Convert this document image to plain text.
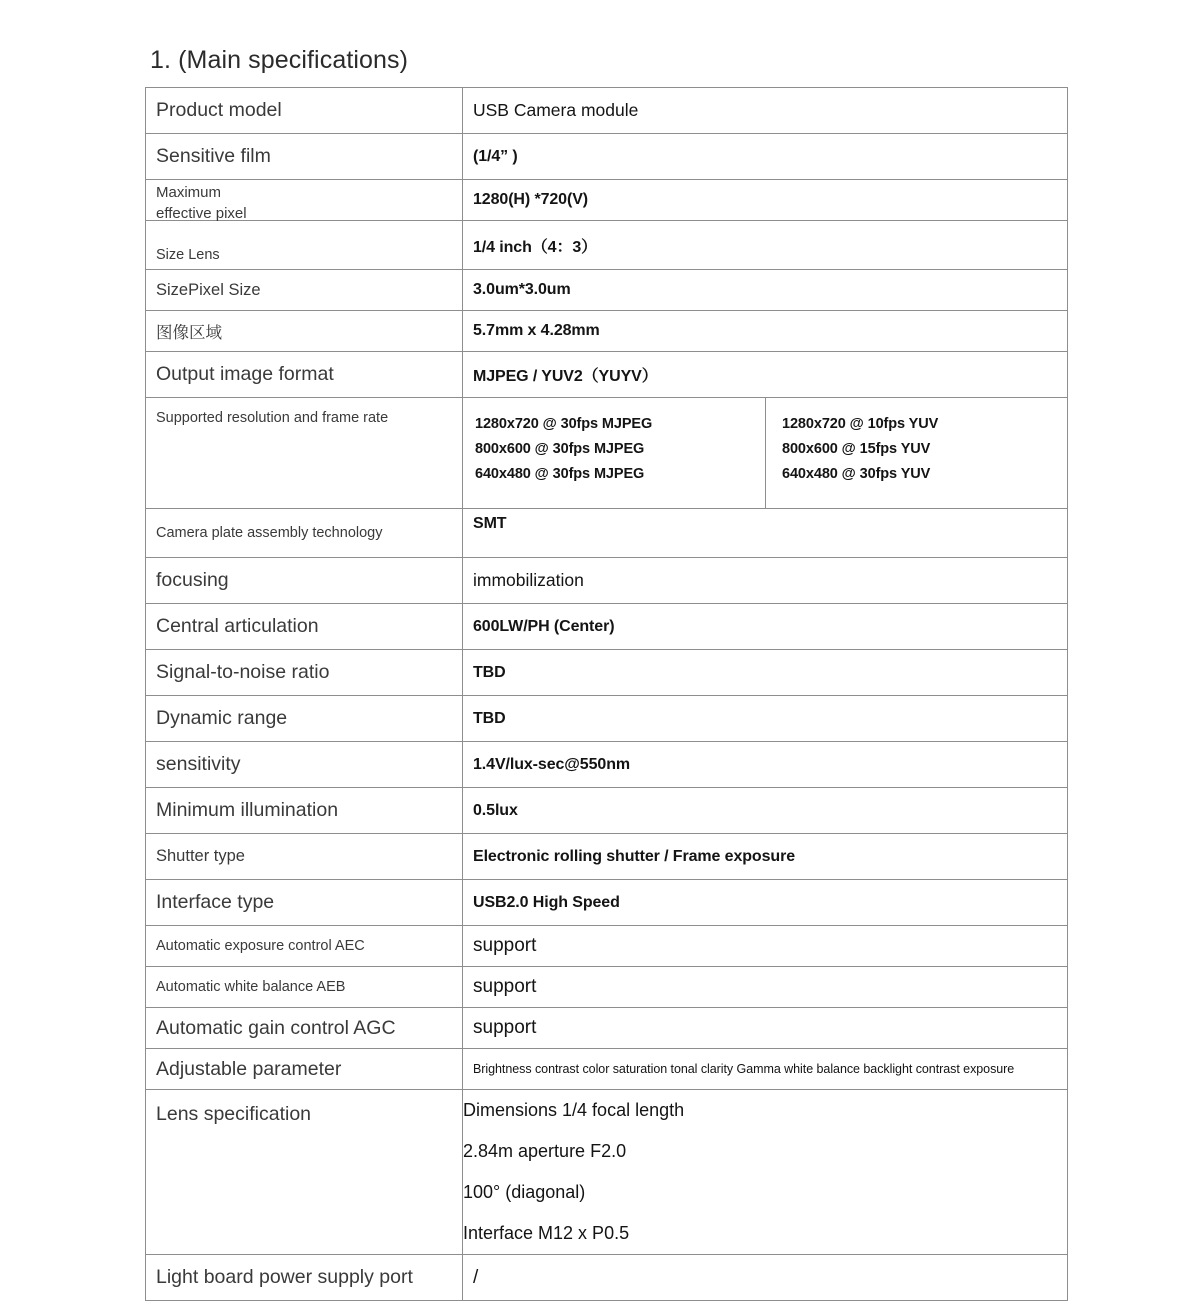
1. (Main specifications)
Product model	USB Camera module

Sensitive film	(1/4” )

Maximum
effective pixel	1280(H) *720(V)

Size Lens	1/4 inch（4：3）

SizePixel Size	3.0um*3.0um

图像区域	5.7mm x 4.28mm

Output image format	MJPEG / YUV2（YUYV）

Supported resolution and frame rate	1280x720 @ 30fps MJPEG
800x600 @ 30fps MJPEG
640x480 @ 30fps MJPEG
1280x720 @ 10fps YUV
800x600 @ 15fps YUV
640x480 @ 30fps YUV

Camera plate assembly technology	SMT

focusing	immobilization

Central articulation	600LW/PH (Center)

Signal-to-noise ratio	TBD

Dynamic range	TBD

sensitivity	1.4V/lux-sec@550nm

Minimum illumination	0.5lux

Shutter type	Electronic rolling shutter / Frame exposure

Interface type	USB2.0 High Speed

Automatic exposure control AEC	support

Automatic white balance AEB	support

Automatic gain control AGC	support

Adjustable parameter	Brightness contrast color saturation tonal clarity Gamma white balance backlight contrast exposure

Lens specification	Dimensions 1/4 focal length
2.84m aperture F2.0
100° (diagonal)
Interface M12 x P0.5

Light board power supply port	/
